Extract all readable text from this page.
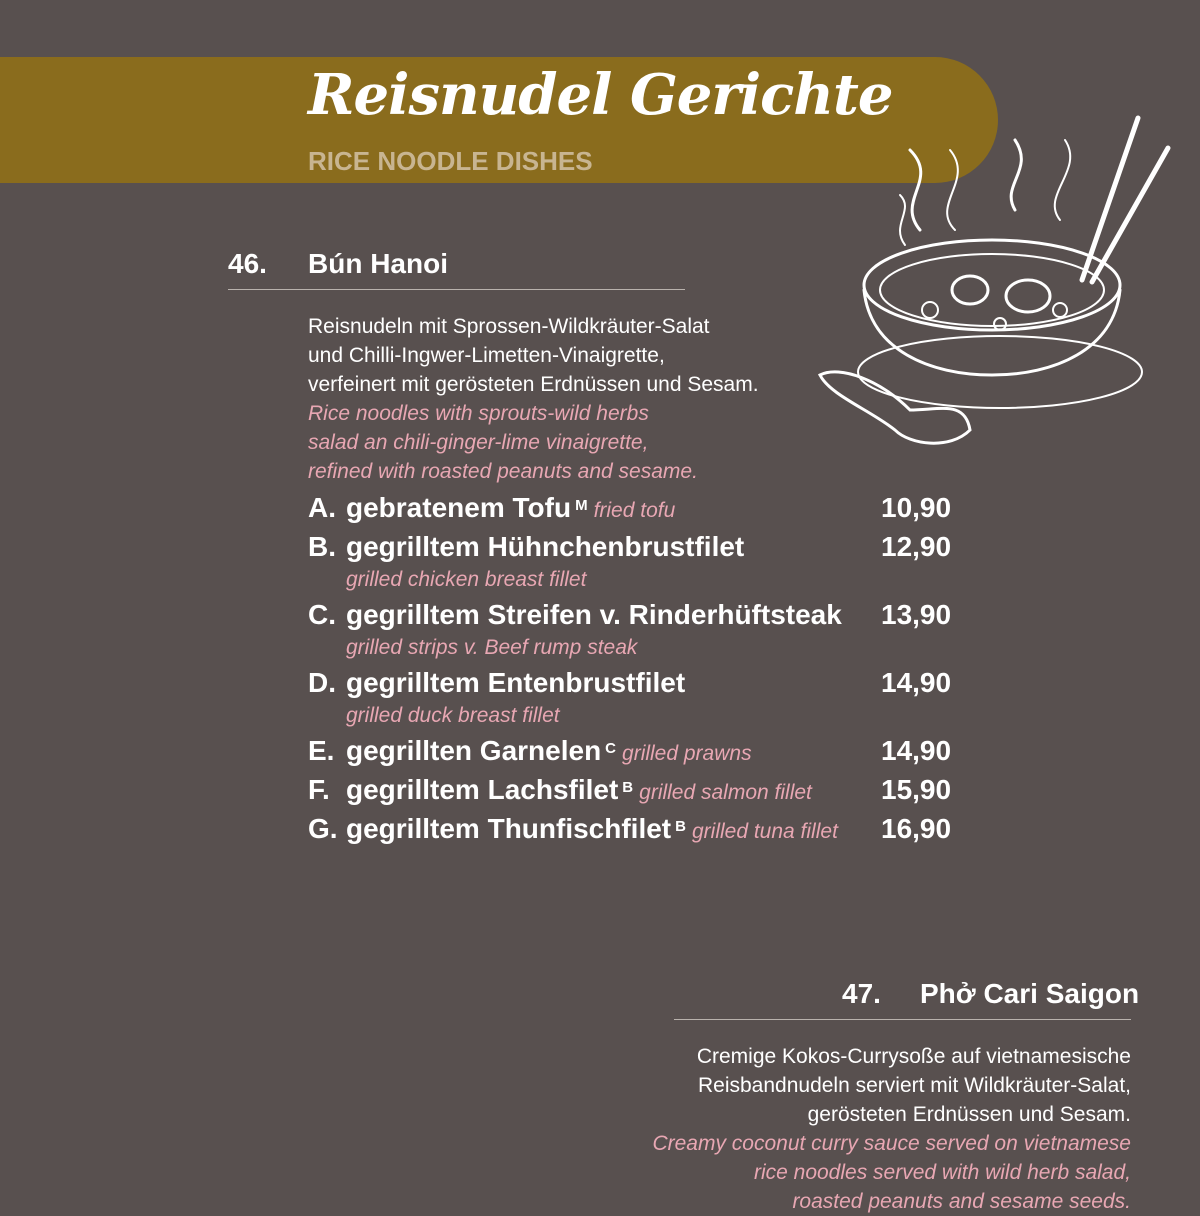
Reisnudel Gerichte
RICE NOODLE DISHES
46. Bún Hanoi
Reisnudeln mit Sprossen-Wildkräuter-Salat
und Chilli-Ingwer-Limetten-Vinaigrette,
verfeinert mit gerösteten Erdnüssen und Sesam.
Rice noodles with sprouts-wild herbs
salad an chili-ginger-lime vinaigrette,
refined with roasted peanuts and sesame.
A. gebratenem Tofu $^M$ fried tofu	10,90
B. gegrilltem Hühnchenbrustfilet	12,90
grilled chicken breast fillet
C. gegrilltem Streifen v. Rinderhüftsteak 13,90
grilled strips v. Beef rump steak
D. gegrilltem Entenbrustfilet	14,90
grilled duck breast fillet
E. gegrillten Garnelen $^C$ grilled prawns	14,90
F. gegrilltem Lachsfilet $^B$ grilled salmon fillet 15,90
G. gegrilltem Thunfischfilet $^B$ grilled tuna fillet 16,90
47. Phở Cari Saigon
Cremige Kokos-Currysoße auf vietnamesische
Reisbandnudeln serviert mit Wildkräuter-Salat,
gerösteten Erdnüssen und Sesam.
Creamy coconut curry sauce served on vietnamese
rice noodles served with wild herb salad,
roasted peanuts and sesame seeds.
